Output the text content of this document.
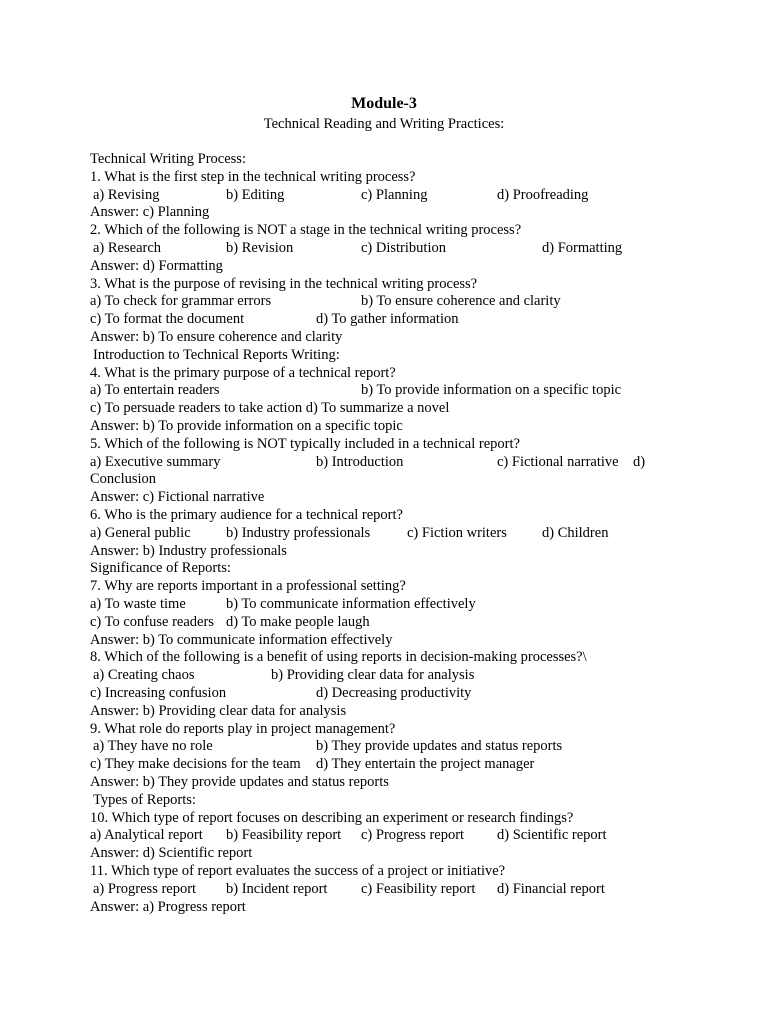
Module-3
Technical Reading and Writing Practices:
Technical Writing Process:
1. What is the first step in the technical writing process?
a) Revising	b) Editing	c) Planning	d) Proofreading
Answer: c) Planning
2. Which of the following is NOT a stage in the technical writing process?
a) Research	b) Revision	c) Distribution	d) Formatting
Answer: d) Formatting
3. What is the purpose of revising in the technical writing process?
a) To check for grammar errors	b) To ensure coherence and clarity
c) To format the document	d) To gather information
Answer: b) To ensure coherence and clarity
Introduction to Technical Reports Writing:
4. What is the primary purpose of a technical report?
a) To entertain readers	b) To provide information on a specific topic
c) To persuade readers to take action d) To summarize a novel
Answer: b) To provide information on a specific topic
5. Which of the following is NOT typically included in a technical report?
a) Executive summary	b) Introduction	c) Fictional narrative d)
Conclusion
Answer: c) Fictional narrative
6. Who is the primary audience for a technical report?
a) General public b) Industry professionals	c) Fiction writers d) Children
Answer: b) Industry professionals
Significance of Reports:
7. Why are reports important in a professional setting?
a) To waste time	b) To communicate information effectively
c) To confuse readers d) To make people laugh
Answer: b) To communicate information effectively
8. Which of the following is a benefit of using reports in decision-making processes?\
a) Creating chaos	b) Providing clear data for analysis
c) Increasing confusion	d) Decreasing productivity
Answer: b) Providing clear data for analysis
9. What role do reports play in project management?
a) They have no role	b) They provide updates and status reports
c) They make decisions for the team d) They entertain the project manager
Answer: b) They provide updates and status reports
Types of Reports:
10. Which type of report focuses on describing an experiment or research findings?
a) Analytical report b) Feasibility report c) Progress report d) Scientific report
Answer: d) Scientific report
11. Which type of report evaluates the success of a project or initiative?
a) Progress report b) Incident report c) Feasibility report d) Financial report
Answer: a) Progress report
